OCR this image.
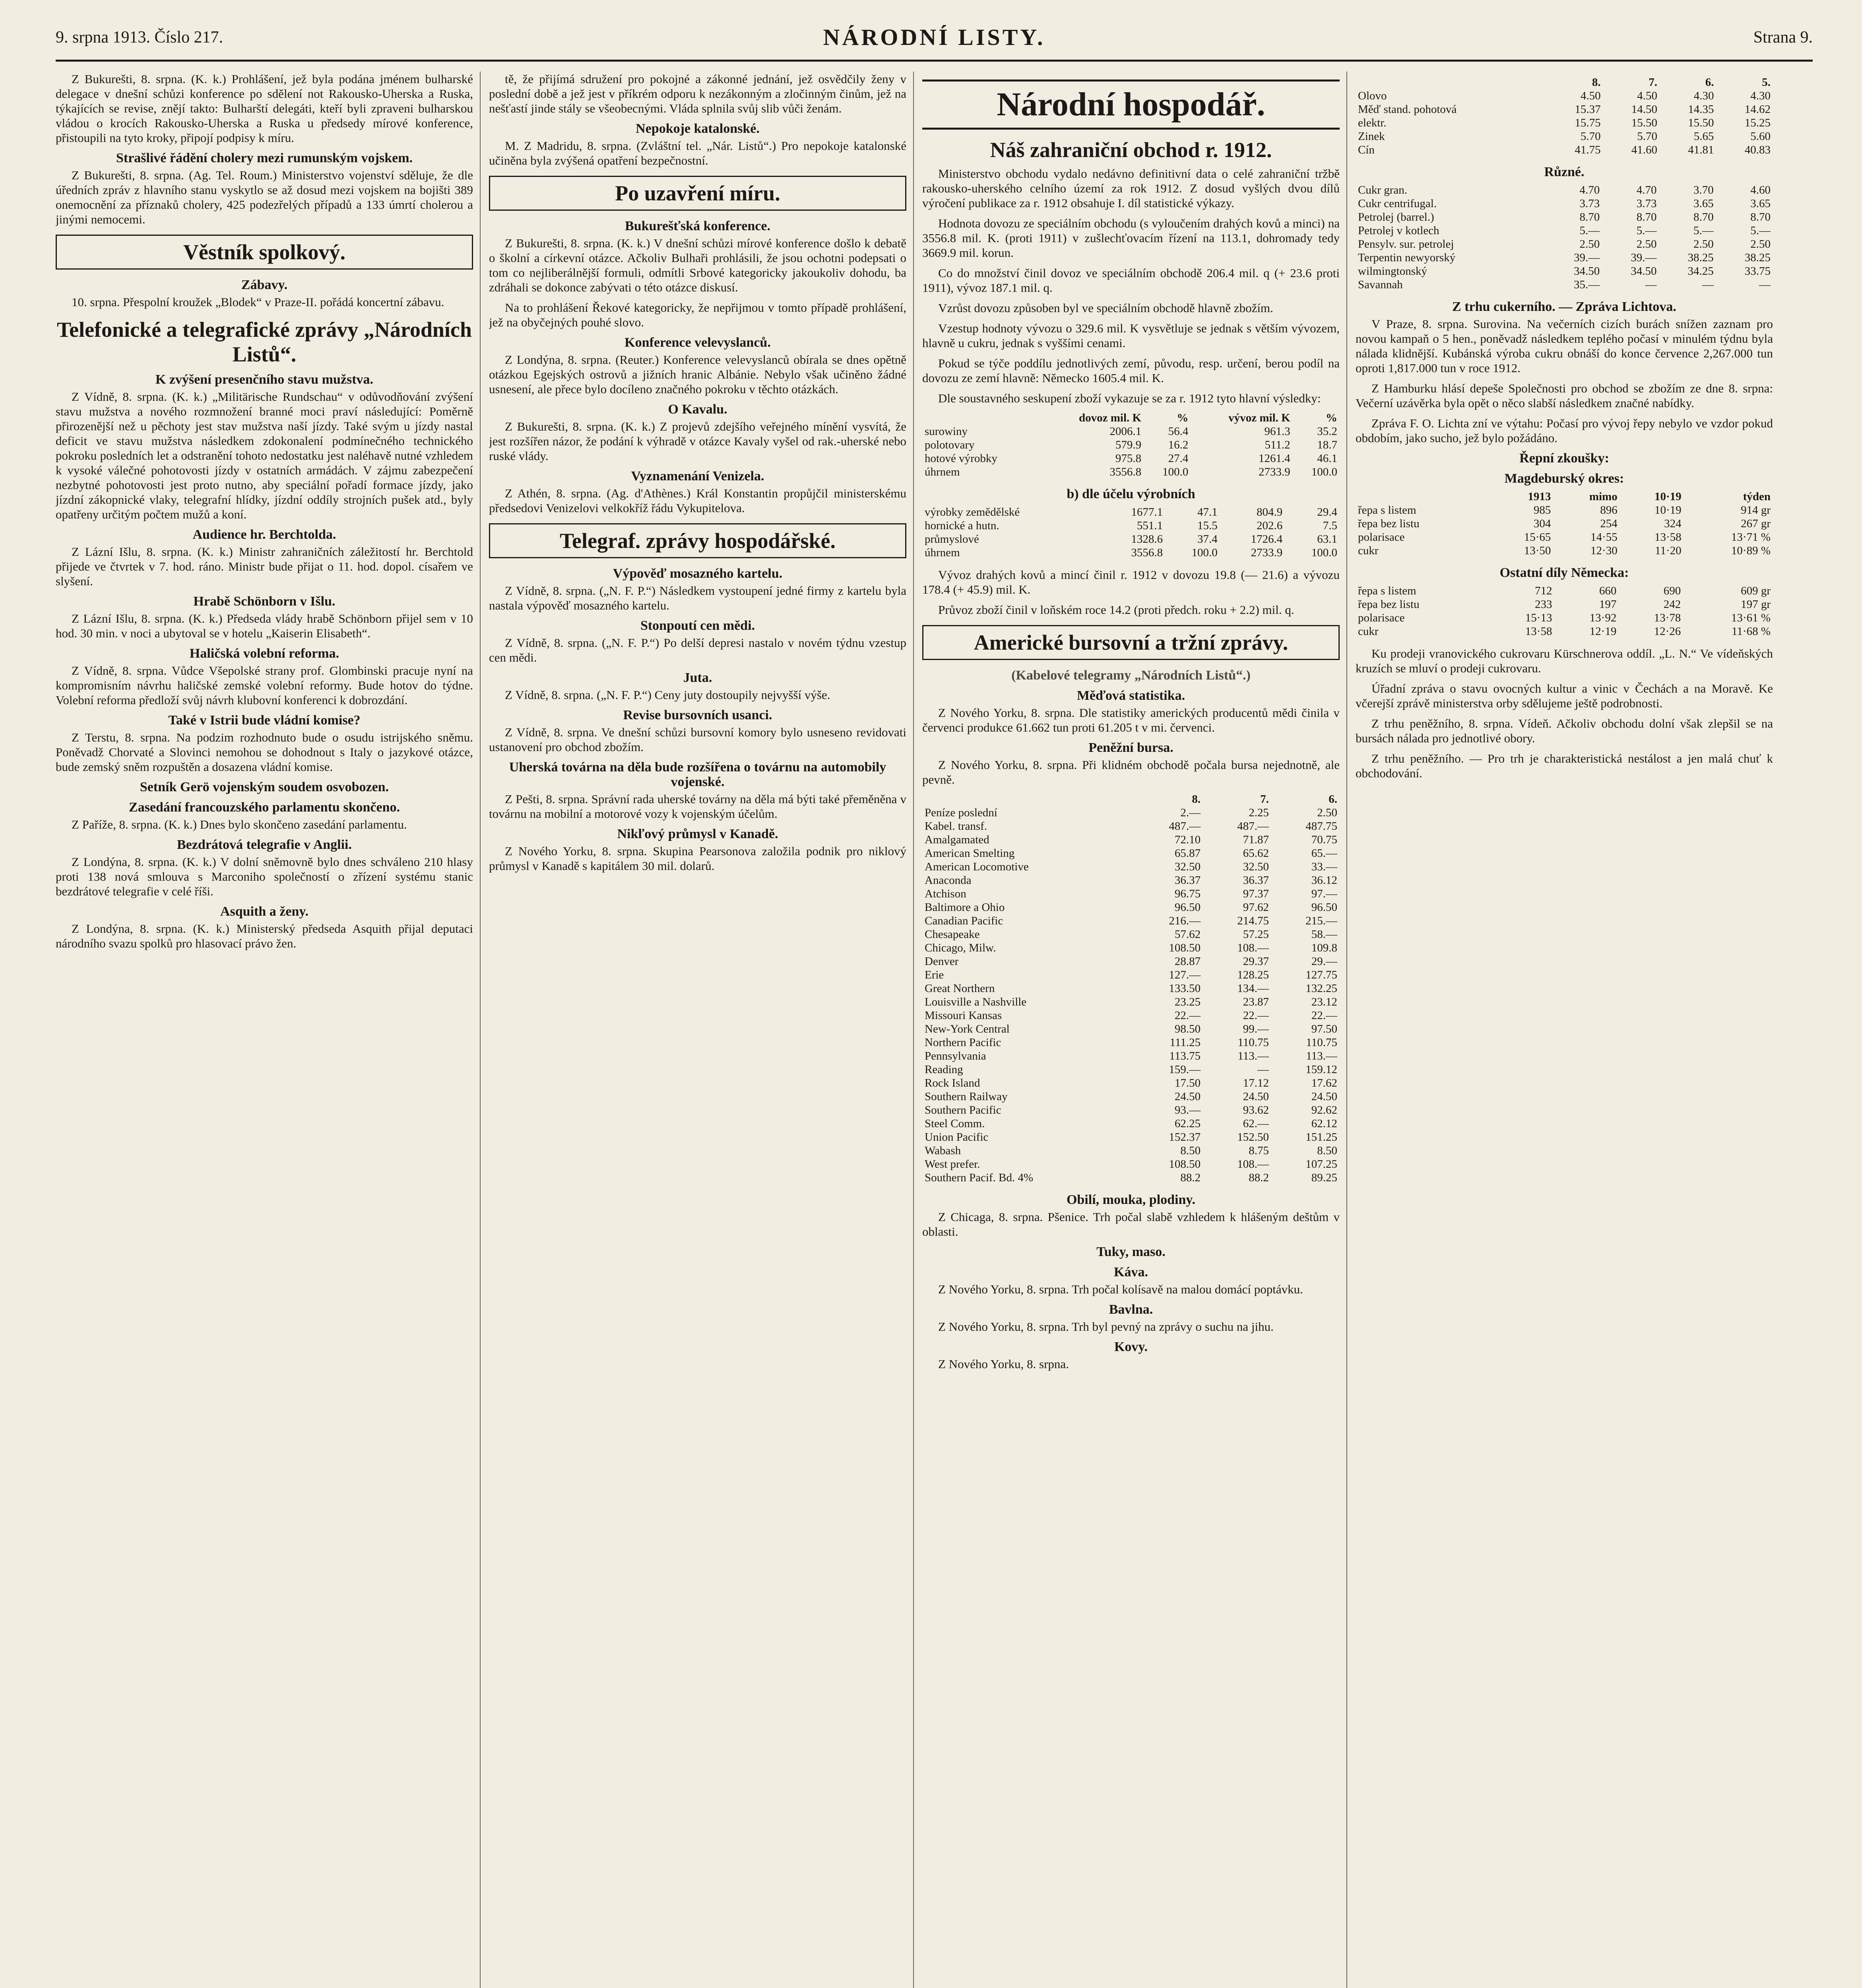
9. srpna 1913. Číslo 217.	NÁRODNÍ LISTY.	Strana 9.

Z Bukurešti, 8. srpna. (K. k.) Prohlášení, jež byla podána jménem bulharské delegace v dnešní schůzi konference po sdělení not Rakousko-Uherska a Ruska, týkajících se revise, znějí takto: Bulharští delegáti, kteří byli zpraveni bulharskou vládou o krocích Rakousko-Uherska a Ruska u předsedy mírové konference, přistoupili na tyto kroky, připojí podpisy k míru.

Strašlivé řádění cholery mezi rumunským vojskem.

Z Bukurešti, 8. srpna. (Ag. Tel. Roum.) Ministerstvo vojenství sděluje, že dle úředních zpráv z hlavního stanu vyskytlo se až dosud mezi vojskem na bojišti 389 onemocnění za příznaků cholery, 425 podezřelých případů a 133 úmrtí cholerou a jinými nemocemi.

Věstník spolkový.
Zábavy.

10. srpna. Přespolní kroužek „Blodek“ v Praze-II. pořádá koncertní zábavu.

Telefonické a telegrafické zprávy „Národních Listů“.
K zvýšení presenčního stavu mužstva.

Z Vídně, 8. srpna. (K. k.) „Militärische Rundschau“ v odůvodňování zvýšení stavu mužstva a nového rozmnožení branné moci praví následující: Poměrně přirozenější než u pěchoty jest stav mužstva naší jízdy. Také svým u jízdy nastal deficit ve stavu mužstva následkem zdokonalení podmínečného technického pokroku posledních let a odstranění tohoto nedostatku jest naléhavě nutné vzhledem k vysoké válečné pohotovosti jízdy v ostatních armádách. V zájmu zabezpečení nezbytné pohotovosti jest proto nutno, aby speciální pořadí formace jízdy, jako jízdní zákopnické vlaky, telegrafní hlídky, jízdní oddíly strojních pušek atd., byly opatřeny určitým počtem mužů a koní.

Audience hr. Berchtolda.

Z Lázní Išlu, 8. srpna. (K. k.) Ministr zahraničních záležitostí hr. Berchtold přijede ve čtvrtek v 7. hod. ráno. Ministr bude přijat o 11. hod. dopol. císařem ve slyšení.

Hrabě Schönborn v Išlu.

Z Lázní Išlu, 8. srpna. (K. k.) Předseda vlády hrabě Schönborn přijel sem v 10 hod. 30 min. v noci a ubytoval se v hotelu „Kaiserin Elisabeth“.

Haličská volební reforma.

Z Vídně, 8. srpna. Vůdce Všepolské strany prof. Glombinski pracuje nyní na kompromisním návrhu haličské zemské volební reformy. Bude hotov do týdne. Volební reforma předloží svůj návrh klubovní konferenci k dobrozdání.

Také v Istrii bude vládní komise?

Z Terstu, 8. srpna. Na podzim rozhodnuto bude o osudu istrijského sněmu. Poněvadž Chorvaté a Slovinci nemohou se dohodnout s Italy o jazykové otázce, bude zemský sněm rozpuštěn a dosazena vládní komise.

Setník Gerö vojenským soudem osvobozen.
Zasedání francouzského parlamentu skončeno.

Z Paříže, 8. srpna. (K. k.) Dnes bylo skončeno zasedání parlamentu.

Bezdrátová telegrafie v Anglii.

Z Londýna, 8. srpna. (K. k.) V dolní sněmovně bylo dnes schváleno 210 hlasy proti 138 nová smlouva s Marconiho společností o zřízení systému stanic bezdrátové telegrafie v celé říši.

Asquith a ženy.

Z Londýna, 8. srpna. (K. k.) Ministerský předseda Asquith přijal deputaci národního svazu spolků pro hlasovací právo žen.

tě, že přijímá sdružení pro pokojné a zákonné jednání, jež osvědčily ženy v poslední době a jež jest v příkrém odporu k nezákonným a zločinným činům, jež na nešťastí jinde stály se všeobecnými. Vláda splnila svůj slib vůči ženám.

Nepokoje katalonské.

M. Z Madridu, 8. srpna. (Zvláštní tel. „Nár. Listů“.) Pro nepokoje katalonské učiněna byla zvýšená opatření bezpečnostní.

Po uzavření míru.
Bukurešťská konference.

Z Bukurešti, 8. srpna. (K. k.) V dnešní schůzi mírové konference došlo k debatě o školní a církevní otázce. Ačkoliv Bulhaři prohlásili, že jsou ochotni podepsati o tom co nejliberálnější formuli, odmítli Srbové kategoricky jakoukoliv dohodu, ba zdráhali se dokonce zabývati o této otázce diskusí.

Na to prohlášení Řekové kategoricky, že nepřijmou v tomto případě prohlášení, jež na obyčejných pouhé slovo.

Konference velevyslanců.

Z Londýna, 8. srpna. (Reuter.) Konference velevyslanců obírala se dnes opětně otázkou Egejských ostrovů a jižních hranic Albánie. Nebylo však učiněno žádné usnesení, ale přece bylo docíleno značného pokroku v těchto otázkách.

O Kavalu.

Z Bukurešti, 8. srpna. (K. k.) Z projevů zdejšího veřejného mínění vysvítá, že jest rozšířen názor, že podání k výhradě v otázce Kavaly vyšel od rak.-uherské nebo ruské vlády.

Vyznamenání Venizela.

Z Athén, 8. srpna. (Ag. d'Athènes.) Král Konstantin propůjčil ministerskému předsedovi Venizelovi velkokříž řádu Vykupitelova.

Telegraf. zprávy hospodářské.
Výpověď mosazného kartelu.

Z Vídně, 8. srpna. („N. F. P.“) Následkem vystoupení jedné firmy z kartelu byla nastala výpověď mosazného kartelu.

Stonpoutí cen mědi.

Z Vídně, 8. srpna. („N. F. P.“) Po delší depresi nastalo v novém týdnu vzestup cen mědi.

Juta.

Z Vídně, 8. srpna. („N. F. P.“) Ceny juty dostoupily nejvyšší výše.

Revise bursovních usanci.

Z Vídně, 8. srpna. Ve dnešní schůzi bursovní komory bylo usneseno revidovati ustanovení pro obchod zbožím.

Uherská továrna na děla bude rozšířena o továrnu na automobily vojenské.

Z Pešti, 8. srpna. Správní rada uherské továrny na děla má býti také přeměněna v továrnu na mobilní a motorové vozy k vojenským účelům.

Nikľový průmysl v Kanadě.

Z Nového Yorku, 8. srpna. Skupina Pearsonova založila podnik pro niklový průmysl v Kanadě s kapitálem 30 mil. dolarů.

Národní hospodář.
Náš zahraniční obchod r. 1912.

Ministerstvo obchodu vydalo nedávno definitivní data o celé zahraniční tržbě rakousko-uherského celního území za rok 1912. Z dosud vyšlých dvou dílů výročení publikace za r. 1912 obsahuje I. díl statistické výkazy.

Hodnota dovozu ze speciálním obchodu (s vyloučením drahých kovů a minci) na 3556.8 mil. K. (proti 1911) v zušlechťovacím řízení na 113.1, dohromady tedy 3669.9 mil. korun.

Co do množství činil dovoz ve speciálním obchodě 206.4 mil. q (+ 23.6 proti 1911), vývoz 187.1 mil. q.

Vzrůst dovozu způsoben byl ve speciálním obchodě hlavně zbožím.

Vzestup hodnoty vývozu o 329.6 mil. K vysvětluje se jednak s větším vývozem, hlavně u cukru, jednak s vyššími cenami.

Pokud se týče poddílu jednotlivých zemí, původu, resp. určení, berou podíl na dovozu ze zemí hlavně: Německo 1605.4 mil. K.

Dle soustavného seskupení zboží vykazuje se za r. 1912 tyto hlavní výsledky:

	dovoz mil. K	%	vývoz mil. K	%
surowiny	2006.1	56.4	961.3	35.2
polotovary	579.9	16.2	511.2	18.7
hotové výrobky	975.8	27.4	1261.4	46.1
úhrnem	3556.8	100.0	2733.9	100.0
b) dle účelu výrobních
výrobky zemědělské	1677.1	47.1	804.9	29.4
hornické a hutn.	551.1	15.5	202.6	7.5
průmyslové	1328.6	37.4	1726.4	63.1
úhrnem	3556.8	100.0	2733.9	100.0

Vývoz drahých kovů a mincí činil r. 1912 v dovozu 19.8 (— 21.6) a vývozu 178.4 (+ 45.9) mil. K.

Průvoz zboží činil v loňském roce 14.2 (proti předch. roku + 2.2) mil. q.

Americké bursovní a tržní zprávy.
(Kabelové telegramy „Národních Listů“.)
Měďová statistika.

Z Nového Yorku, 8. srpna. Dle statistiky amerických producentů mědi činila v červenci produkce 61.662 tun proti 61.205 t v mi. červenci.

Peněžní bursa.

Z Nového Yorku, 8. srpna. Při klidném obchodě počala bursa nejednotně, ale pevně.

	8.	7.	6.
Peníze poslední	2.—	2.25	2.50
Kabel. transf.	487.—	487.—	487.75
Amalgamated	72.10	71.87	70.75
American Smelting	65.87	65.62	65.—
American Locomotive	32.50	32.50	33.—
Anaconda	36.37	36.37	36.12
Atchison	96.75	97.37	97.—
Baltimore a Ohio	96.50	97.62	96.50
Canadian Pacific	216.—	214.75	215.—
Chesapeake	57.62	57.25	58.—
Chicago, Milw.	108.50	108.—	109.8
Denver	28.87	29.37	29.—
Erie	127.—	128.25	127.75
Great Northern	133.50	134.—	132.25
Louisville a Nashville	23.25	23.87	23.12
Missouri Kansas	22.—	22.—	22.—
New-York Central	98.50	99.—	97.50
Northern Pacific	111.25	110.75	110.75
Pennsylvania	113.75	113.—	113.—
Reading	159.—	—	159.12
Rock Island	17.50	17.12	17.62
Southern Railway	24.50	24.50	24.50
Southern Pacific	93.—	93.62	92.62
Steel Comm.	62.25	62.—	62.12
Union Pacific	152.37	152.50	151.25
Wabash	8.50	8.75	8.50
West prefer.	108.50	108.—	107.25
Southern Pacif. Bd. 4%	88.2	88.2	89.25
Obilí, mouka, plodiny.

Z Chicaga, 8. srpna. Pšenice. Trh počal slabě vzhledem k hlášeným deštům v oblasti.

Tuky, maso.
Káva.

Z Nového Yorku, 8. srpna. Trh počal kolísavě na malou domácí poptávku.

Bavlna.

Z Nového Yorku, 8. srpna. Trh byl pevný na zprávy o suchu na jihu.

Kovy.

Z Nového Yorku, 8. srpna.

	8.	7.	6.	5.
Olovo	4.50	4.50	4.30	4.30
Měď stand. pohotová	15.37	14.50	14.35	14.62
elektr.	15.75	15.50	15.50	15.25
Zinek	5.70	5.70	5.65	5.60
Cín	41.75	41.60	41.81	40.83
Různé.
Cukr gran.	4.70	4.70	3.70	4.60
Cukr centrifugal.	3.73	3.73	3.65	3.65
Petrolej (barrel.)	8.70	8.70	8.70	8.70
Petrolej v kotlech	5.—	5.—	5.—	5.—
Pensylv. sur. petrolej	2.50	2.50	2.50	2.50
Terpentin newyorský	39.—	39.—	38.25	38.25
wilmingtonský	34.50	34.50	34.25	33.75
Savannah	35.—	—	—	—
Z trhu cukerního. — Zpráva Lichtova.

V Praze, 8. srpna. Surovina. Na večerních cizích burách snížen zaznam pro novou kampaň o 5 hen., poněvadž následkem teplého počasí v minulém týdnu byla nálada klidnější. Kubánská výroba cukru obnáší do konce července 2,267.000 tun oproti 1,817.000 tun v roce 1912.

Z Hamburku hlásí depeše Společnosti pro obchod se zbožím ze dne 8. srpna: Večerní uzávěrka byla opět o něco slabší následkem značné nabídky.

Zpráva F. O. Lichta zní ve výtahu: Počasí pro vývoj řepy nebylo ve vzdor pokud obdobím, jako sucho, jež bylo požádáno.

Řepní zkoušky:
Magdeburský okres:
	1913	mimo	10·19	týden
řepa s listem	985	896	10·19	914 gr
řepa bez listu	304	254	324	267 gr
polarisace	15·65	14·55	13·58	13·71 %
cukr	13·50	12·30	11·20	10·89 %
Ostatní díly Německa:
řepa s listem	712	660	690	609 gr
řepa bez listu	233	197	242	197 gr
polarisace	15·13	13·92	13·78	13·61 %
cukr	13·58	12·19	12·26	11·68 %

Ku prodeji vranovického cukrovaru Kürschnerova oddíl. „L. N.“ Ve vídeňských kruzích se mluví o prodeji cukrovaru.

Úřadní zpráva o stavu ovocných kultur a vinic v Čechách a na Moravě. Ke včerejší zprávě ministerstva orby sdělujeme ještě podrobnosti.

Z trhu peněžního, 8. srpna. Vídeň. Ačkoliv obchodu dolní však zlepšil se na bursách nálada pro jednotlivé obory.

Z trhu peněžního. — Pro trh je charakteristická nestálost a jen malá chuť k obchodování.
